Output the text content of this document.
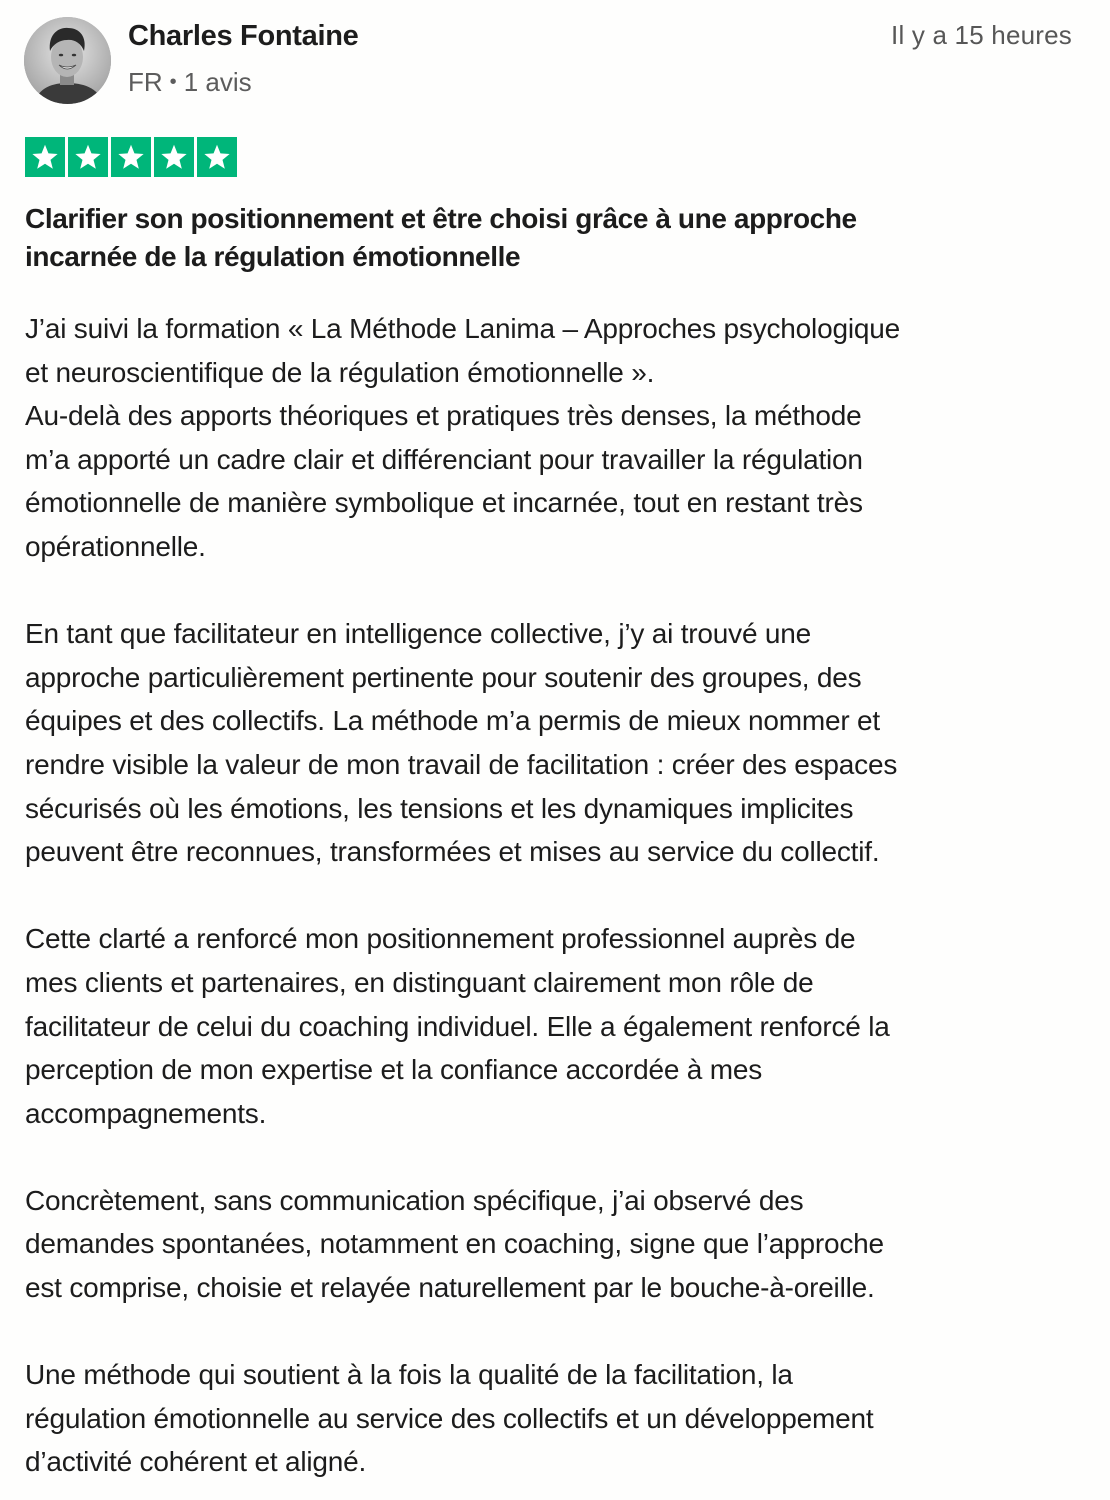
Charles Fontaine
FR • 1 avis
Il y a 15 heures
Clarifier son positionnement et être choisi grâce à une approche
incarnée de la régulation émotionnelle

J’ai suivi la formation « La Méthode Lanima – Approches psychologique
et neuroscientifique de la régulation émotionnelle ».
Au-delà des apports théoriques et pratiques très denses, la méthode
m’a apporté un cadre clair et différenciant pour travailler la régulation
émotionnelle de manière symbolique et incarnée, tout en restant très
opérationnelle.

En tant que facilitateur en intelligence collective, j’y ai trouvé une
approche particulièrement pertinente pour soutenir des groupes, des
équipes et des collectifs. La méthode m’a permis de mieux nommer et
rendre visible la valeur de mon travail de facilitation : créer des espaces
sécurisés où les émotions, les tensions et les dynamiques implicites
peuvent être reconnues, transformées et mises au service du collectif.

Cette clarté a renforcé mon positionnement professionnel auprès de
mes clients et partenaires, en distinguant clairement mon rôle de
facilitateur de celui du coaching individuel. Elle a également renforcé la
perception de mon expertise et la confiance accordée à mes
accompagnements.

Concrètement, sans communication spécifique, j’ai observé des
demandes spontanées, notamment en coaching, signe que l’approche
est comprise, choisie et relayée naturellement par le bouche-à-oreille.

Une méthode qui soutient à la fois la qualité de la facilitation, la
régulation émotionnelle au service des collectifs et un développement
d’activité cohérent et aligné.
